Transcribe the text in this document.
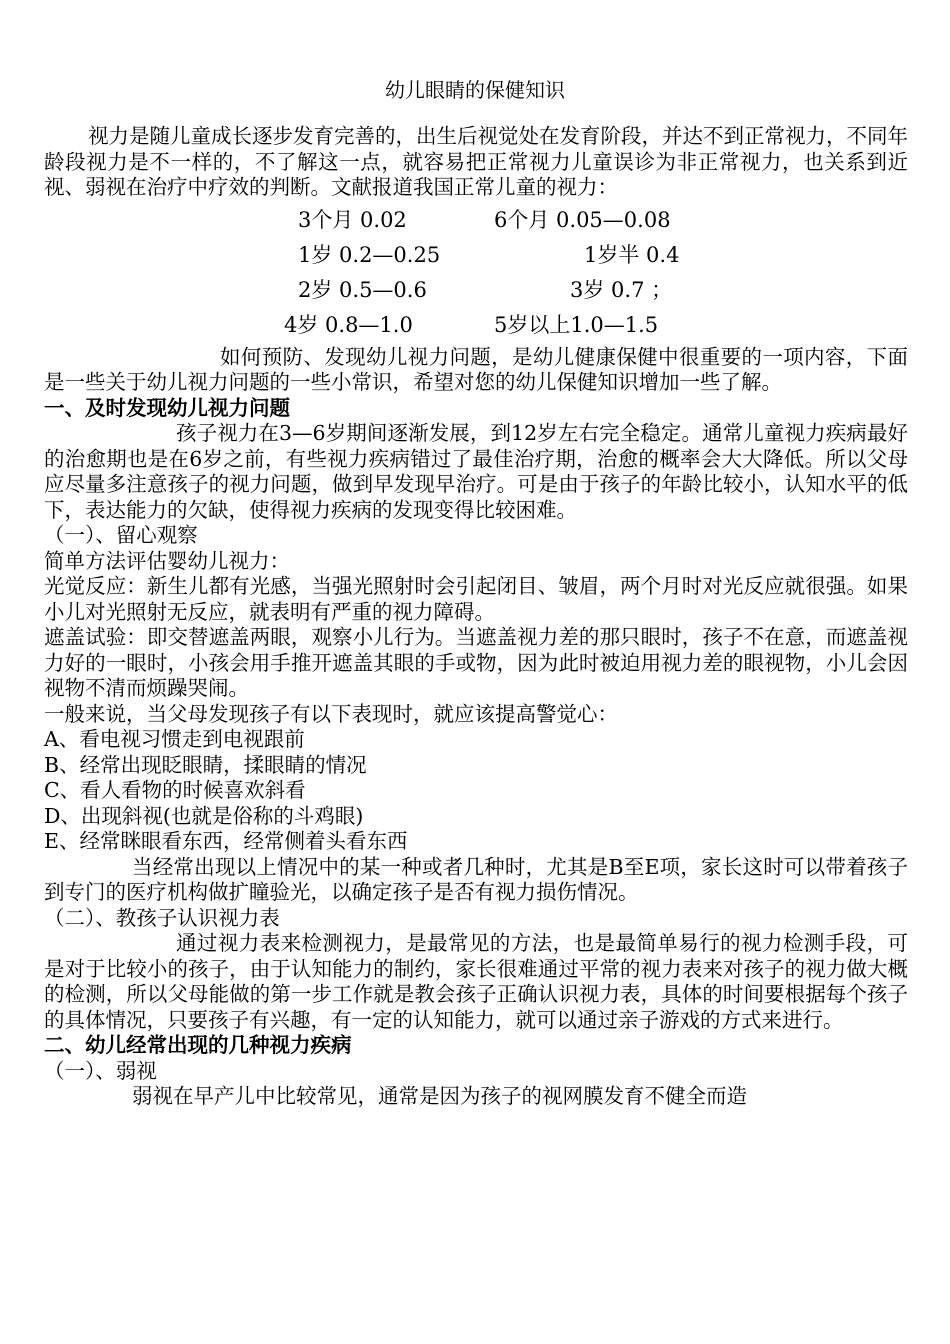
幼儿眼睛的保健知识

视力是随儿童成长逐步发育完善的，出生后视觉处在发育阶段，并达不到正常视力，不同年龄段视力是不一样的，不了解这一点，就容易把正常视力儿童误诊为非正常视力，也关系到近视、弱视在治疗中疗效的判断。文献报道我国正常儿童的视力：

3个月 0.02	6个月 0.05—0.08
1岁 0.2—0.25	1岁半 0.4
2岁 0.5—0.6	3岁 0.7 ；
4岁 0.8—1.0	5岁以上1.0—1.5

如何预防、发现幼儿视力问题，是幼儿健康保健中很重要的一项内容，下面是一些关于幼儿视力问题的一些小常识，希望对您的幼儿保健知识增加一些了解。

一、及时发现幼儿视力问题

孩子视力在3—6岁期间逐渐发展，到12岁左右完全稳定。通常儿童视力疾病最好的治愈期也是在6岁之前，有些视力疾病错过了最佳治疗期，治愈的概率会大大降低。所以父母应尽量多注意孩子的视力问题，做到早发现早治疗。可是由于孩子的年龄比较小，认知水平的低下，表达能力的欠缺，使得视力疾病的发现变得比较困难。

（一）、留心观察

简单方法评估婴幼儿视力：

光觉反应：新生儿都有光感，当强光照射时会引起闭目、皱眉，两个月时对光反应就很强。如果小儿对光照射无反应，就表明有严重的视力障碍。

遮盖试验：即交替遮盖两眼，观察小儿行为。当遮盖视力差的那只眼时，孩子不在意，而遮盖视力好的一眼时，小孩会用手推开遮盖其眼的手或物，因为此时被迫用视力差的眼视物，小儿会因视物不清而烦躁哭闹。

一般来说，当父母发现孩子有以下表现时，就应该提高警觉心：

A、看电视习惯走到电视跟前

B、经常出现眨眼睛，揉眼睛的情况

C、看人看物的时候喜欢斜看

D、出现斜视(也就是俗称的斗鸡眼)

E、经常眯眼看东西，经常侧着头看东西

当经常出现以上情况中的某一种或者几种时，尤其是B至E项，家长这时可以带着孩子到专门的医疗机构做扩瞳验光，以确定孩子是否有视力损伤情况。

（二）、教孩子认识视力表

通过视力表来检测视力，是最常见的方法，也是最简单易行的视力检测手段，可是对于比较小的孩子，由于认知能力的制约，家长很难通过平常的视力表来对孩子的视力做大概的检测，所以父母能做的第一步工作就是教会孩子正确认识视力表，具体的时间要根据每个孩子的具体情况，只要孩子有兴趣，有一定的认知能力，就可以通过亲子游戏的方式来进行。

二、幼儿经常出现的几种视力疾病

（一）、弱视

弱视在早产儿中比较常见，通常是因为孩子的视网膜发育不健全而造
